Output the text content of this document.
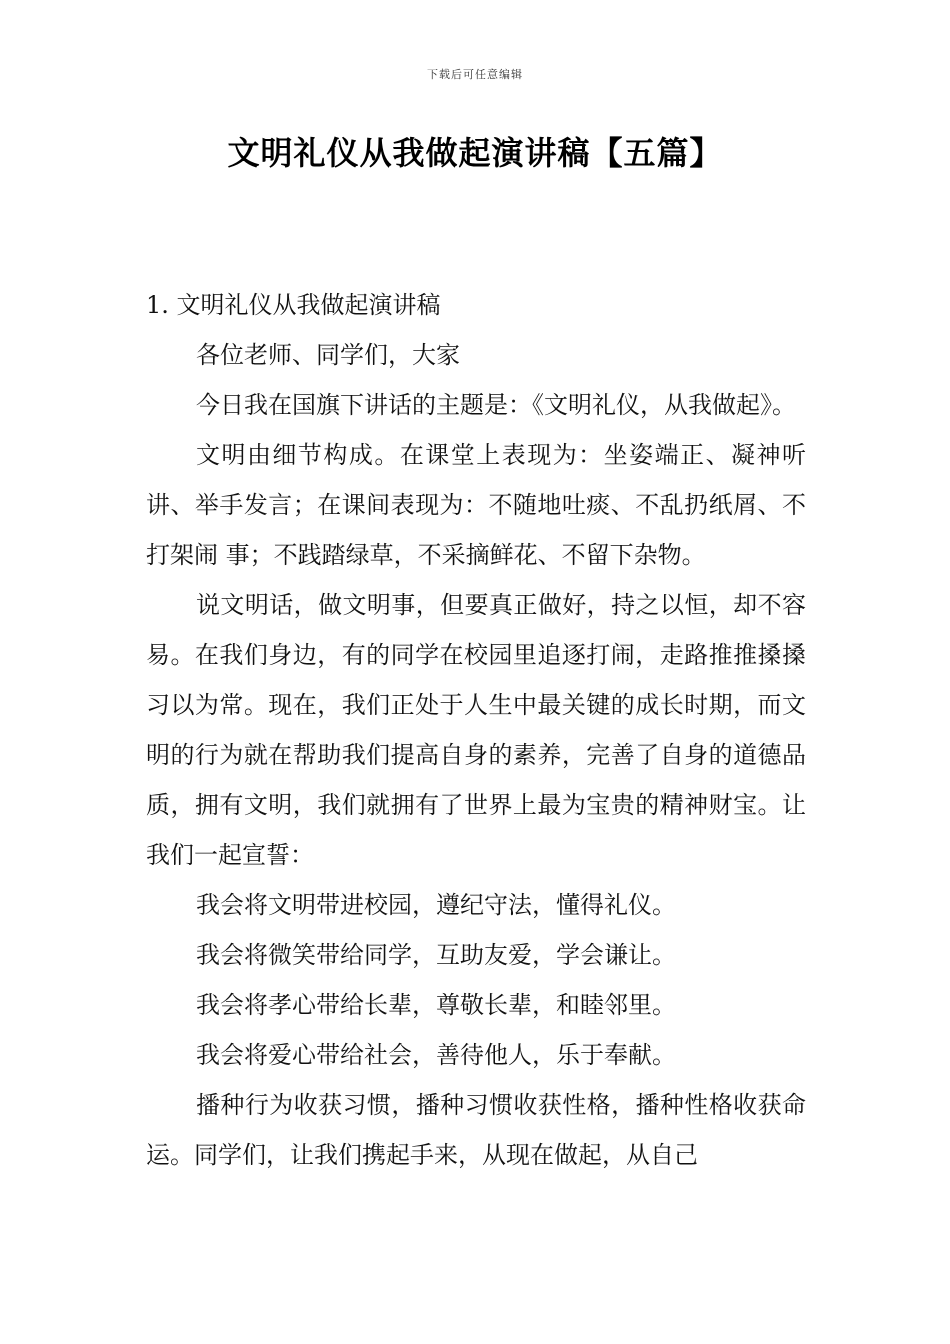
下载后可任意编辑
文明礼仪从我做起演讲稿【五篇】

1. 文明礼仪从我做起演讲稿

各位老师、同学们，大家

今日我在国旗下讲话的主题是：《文明礼仪，从我做起》。

文明由细节构成。在课堂上表现为：坐姿端正、凝神听讲、举手发言；在课间表现为：不随地吐痰、不乱扔纸屑、不打架闹 事；不践踏绿草，不采摘鲜花、不留下杂物。

说文明话，做文明事，但要真正做好，持之以恒，却不容易。在我们身边，有的同学在校园里追逐打闹，走路推推搡搡习以为常。现在，我们正处于人生中最关键的成长时期，而文明的行为就在帮助我们提高自身的素养，完善了自身的道德品质，拥有文明，我们就拥有了世界上最为宝贵的精神财宝。让我们一起宣誓：

我会将文明带进校园，遵纪守法，懂得礼仪。

我会将微笑带给同学，互助友爱，学会谦让。

我会将孝心带给长辈，尊敬长辈，和睦邻里。

我会将爱心带给社会，善待他人，乐于奉献。

播种行为收获习惯，播种习惯收获性格，播种性格收获命运。同学们，让我们携起手来，从现在做起，从自己
